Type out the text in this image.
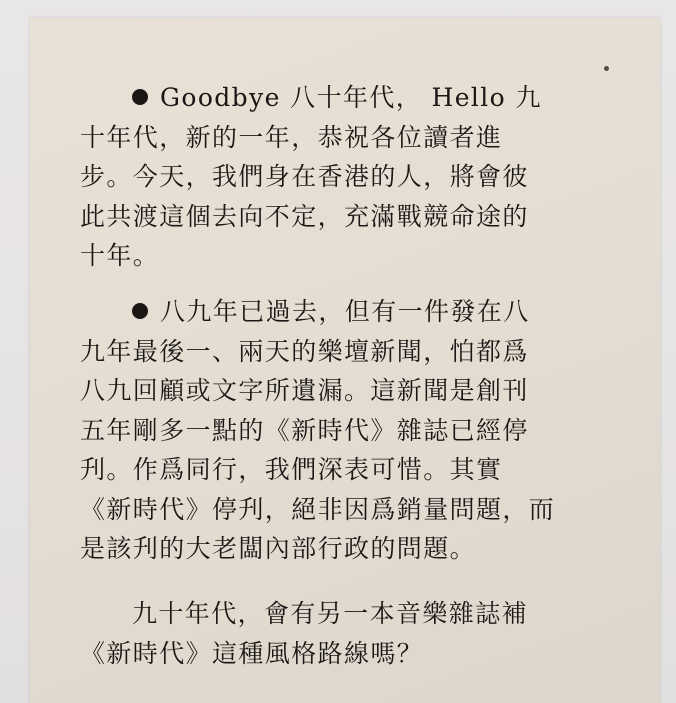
Goodbye 八十年代， Hello 九
十年代，新的一年，恭祝各位讀者進
步。今天，我們身在香港的人，將會彼
此共渡這個去向不定，充滿戰競命途的
十年。
八九年已過去，但有一件發在八
九年最後一、兩天的樂壇新聞，怕都爲
八九回顧或文字所遺漏。這新聞是創刊
五年剛多一點的《新時代》雜誌已經停
刋。作爲同行，我們深表可惜。其實
《新時代》停刋，絕非因爲銷量問題，而
是該刋的大老闆內部行政的問題。
九十年代，會有另一本音樂雜誌補
《新時代》這種風格路線嗎？
